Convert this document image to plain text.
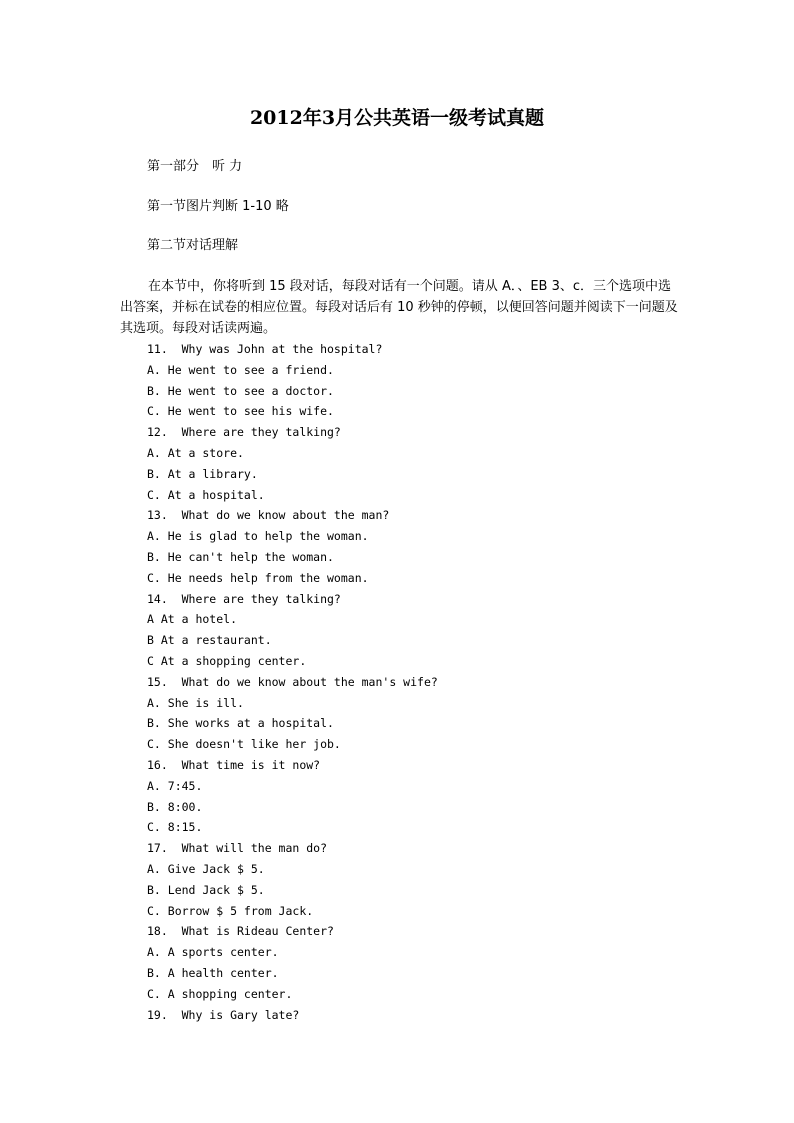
2012年3月公共英语一级考试真题
第一部分　听 力
第一节图片判断 1-10 略
第二节对话理解
在本节中，你将听到 15 段对话，每段对话有一个问题。请从 A．、EB 3、c．三个选项中选出答案，并标在试卷的相应位置。每段对话后有 10 秒钟的停顿，以便回答问题并阅读下一问题及其选项。每段对话读两遍。
11.  Why was John at the hospital?
A. He went to see a friend.
B. He went to see a doctor.
C. He went to see his wife.
12.  Where are they talking?
A. At a store.
B. At a library.
C. At a hospital.
13.  What do we know about the man?
A. He is glad to help the woman.
B. He can't help the woman.
C. He needs help from the woman.
14.  Where are they talking?
A At a hotel.
B At a restaurant.
C At a shopping center.
15.  What do we know about the man's wife?
A. She is ill.
B. She works at a hospital.
C. She doesn't like her job.
16.  What time is it now?
A. 7:45.
B. 8:00.
C. 8:15.
17.  What will the man do?
A. Give Jack $ 5.
B. Lend Jack $ 5.
C. Borrow $ 5 from Jack.
18.  What is Rideau Center?
A. A sports center.
B. A health center.
C. A shopping center.
19.  Why is Gary late?
